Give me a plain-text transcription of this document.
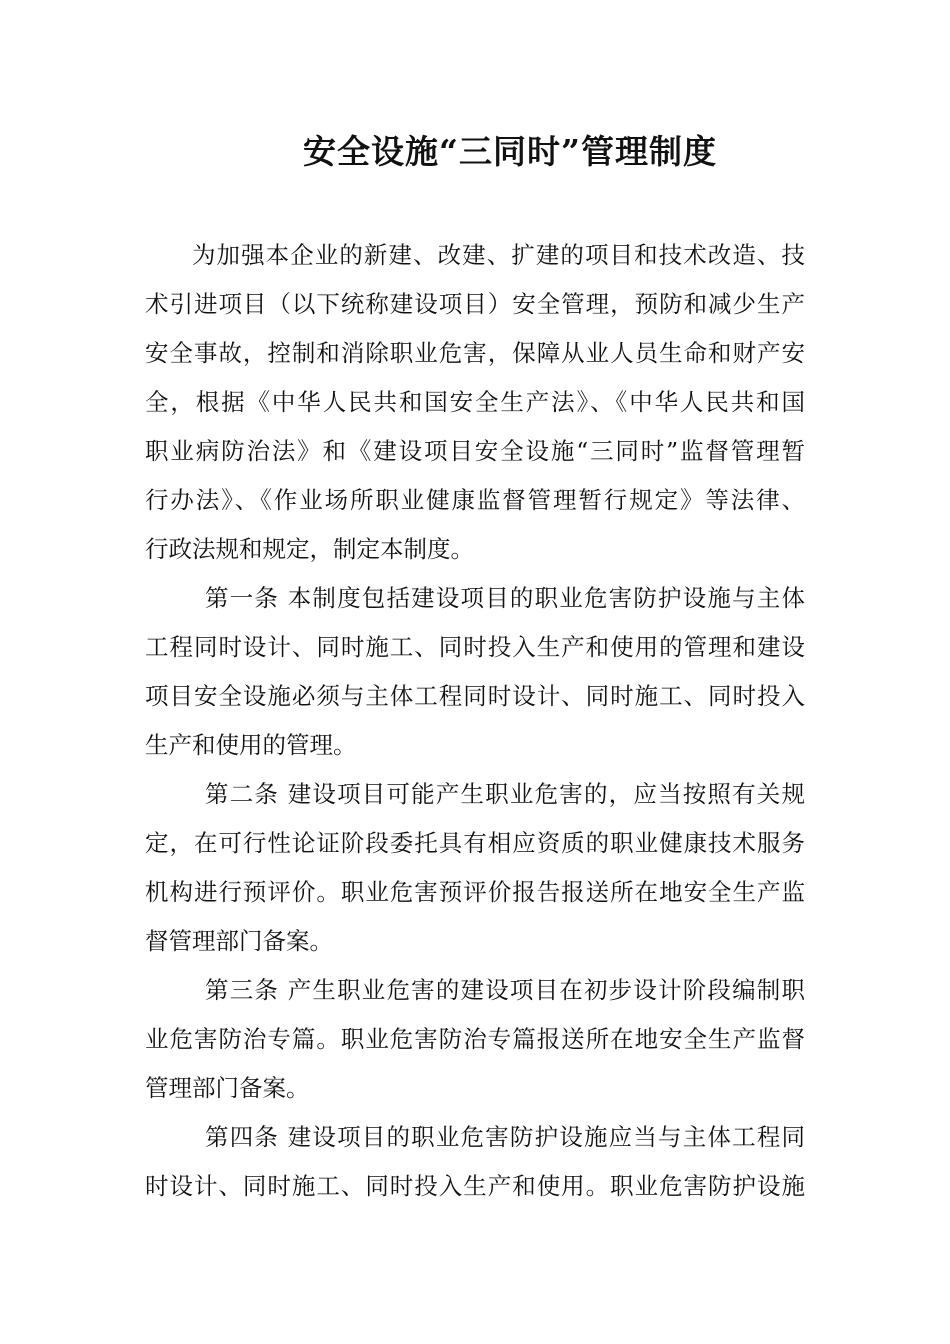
安全设施“三同时”管理制度
为加强本企业的新建、改建、扩建的项目和技术改造、技
术引进项目（以下统称建设项目）安全管理，预防和减少生产
安全事故，控制和消除职业危害，保障从业人员生命和财产安
全，根据《中华人民共和国安全生产法》、《中华人民共和国
职业病防治法》和《建设项目安全设施“三同时”监督管理暂
行办法》、《作业场所职业健康监督管理暂行规定》等法律、
行政法规和规定，制定本制度。
第一条 本制度包括建设项目的职业危害防护设施与主体
工程同时设计、同时施工、同时投入生产和使用的管理和建设
项目安全设施必须与主体工程同时设计、同时施工、同时投入
生产和使用的管理。
第二条 建设项目可能产生职业危害的，应当按照有关规
定，在可行性论证阶段委托具有相应资质的职业健康技术服务
机构进行预评价。职业危害预评价报告报送所在地安全生产监
督管理部门备案。
第三条 产生职业危害的建设项目在初步设计阶段编制职
业危害防治专篇。职业危害防治专篇报送所在地安全生产监督
管理部门备案。
第四条 建设项目的职业危害防护设施应当与主体工程同
时设计、同时施工、同时投入生产和使用。职业危害防护设施
